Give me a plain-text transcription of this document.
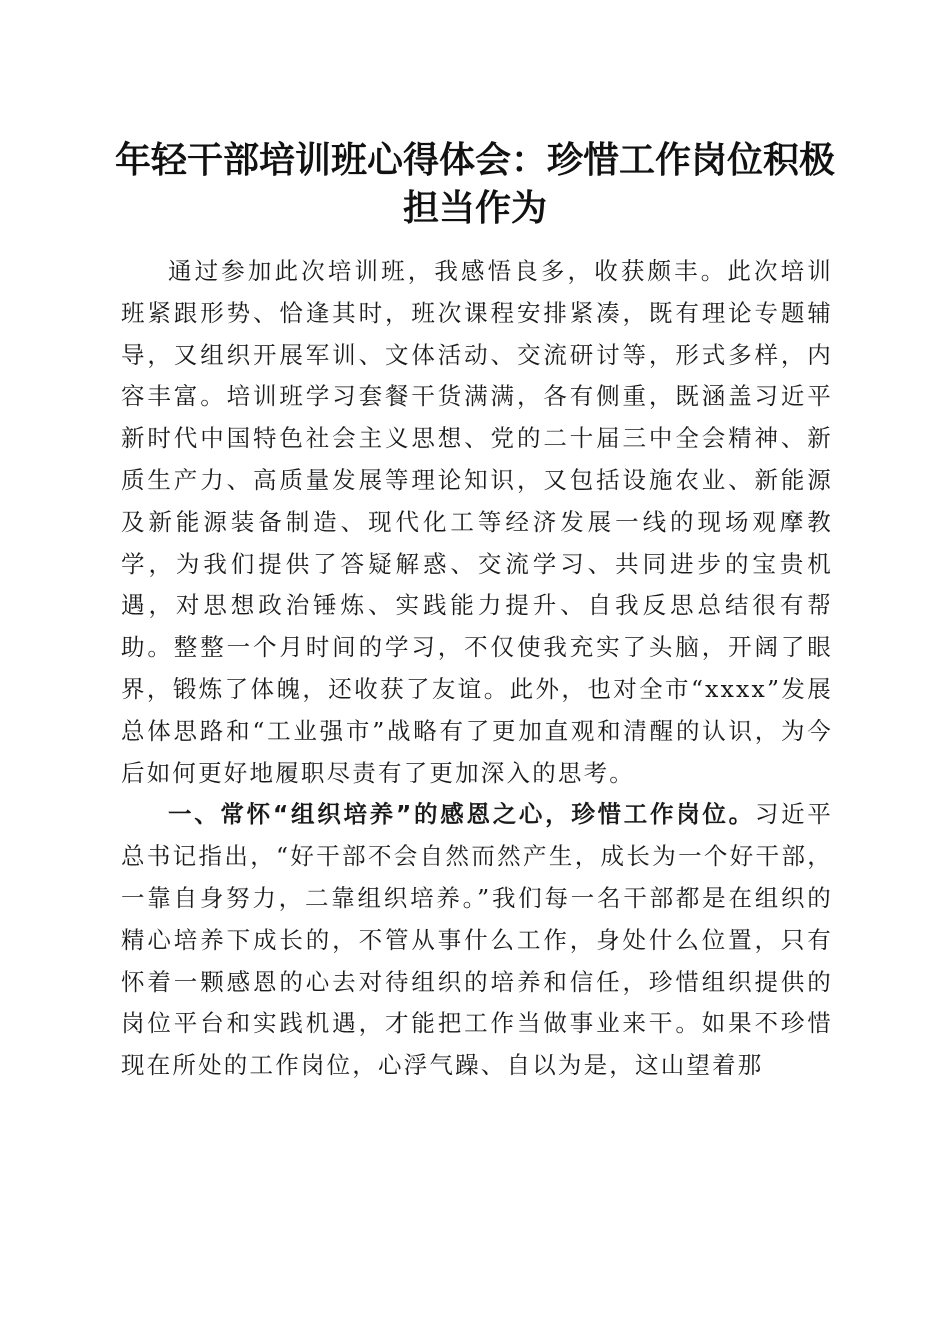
年轻干部培训班心得体会：珍惜工作岗位积极
担当作为

通过参加此次培训班，我感悟良多，收获颇丰。此次培训班紧跟形势、恰逢其时，班次课程安排紧凑，既有理论专题辅导，又组织开展军训、文体活动、交流研讨等，形式多样，内容丰富。培训班学习套餐干货满满，各有侧重，既涵盖习近平新时代中国特色社会主义思想、党的二十届三中全会精神、新质生产力、高质量发展等理论知识，又包括设施农业、新能源及新能源装备制造、现代化工等经济发展一线的现场观摩教学，为我们提供了答疑解惑、交流学习、共同进步的宝贵机遇，对思想政治锤炼、实践能力提升、自我反思总结很有帮助。整整一个月时间的学习，不仅使我充实了头脑，开阔了眼界，锻炼了体魄，还收获了友谊。此外，也对全市“xxxx”发展总体思路和“工业强市”战略有了更加直观和清醒的认识，为今后如何更好地履职尽责有了更加深入的思考。

一、常怀“组织培养”的感恩之心，珍惜工作岗位。习近平总书记指出，“好干部不会自然而然产生，成长为一个好干部，一靠自身努力，二靠组织培养。”我们每一名干部都是在组织的精心培养下成长的，不管从事什么工作，身处什么位置，只有怀着一颗感恩的心去对待组织的培养和信任，珍惜组织提供的岗位平台和实践机遇，才能把工作当做事业来干。如果不珍惜现在所处的工作岗位，心浮气躁、自以为是，这山望着那
